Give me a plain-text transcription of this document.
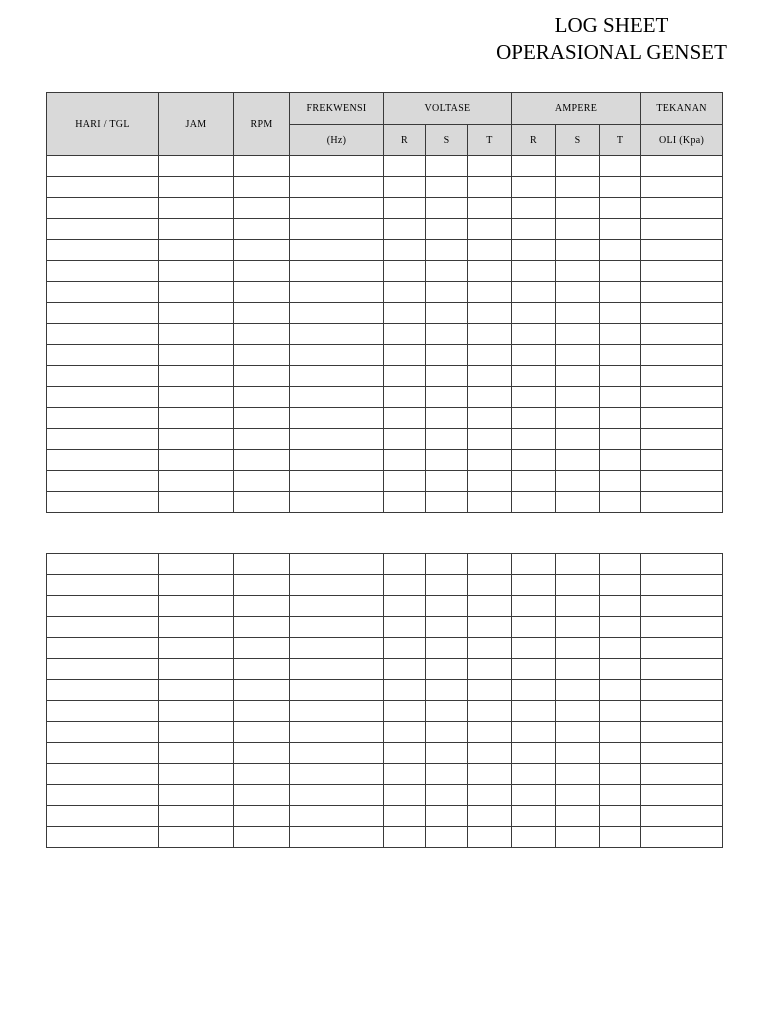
LOG SHEET
OPERASIONAL GENSET
HARI / TGL	JAM	RPM	FREKWENSI	VOLTASE			AMPERE			TEKANAN
			(Hz)	R	S	T	R	S	T	OLI (Kpa)
